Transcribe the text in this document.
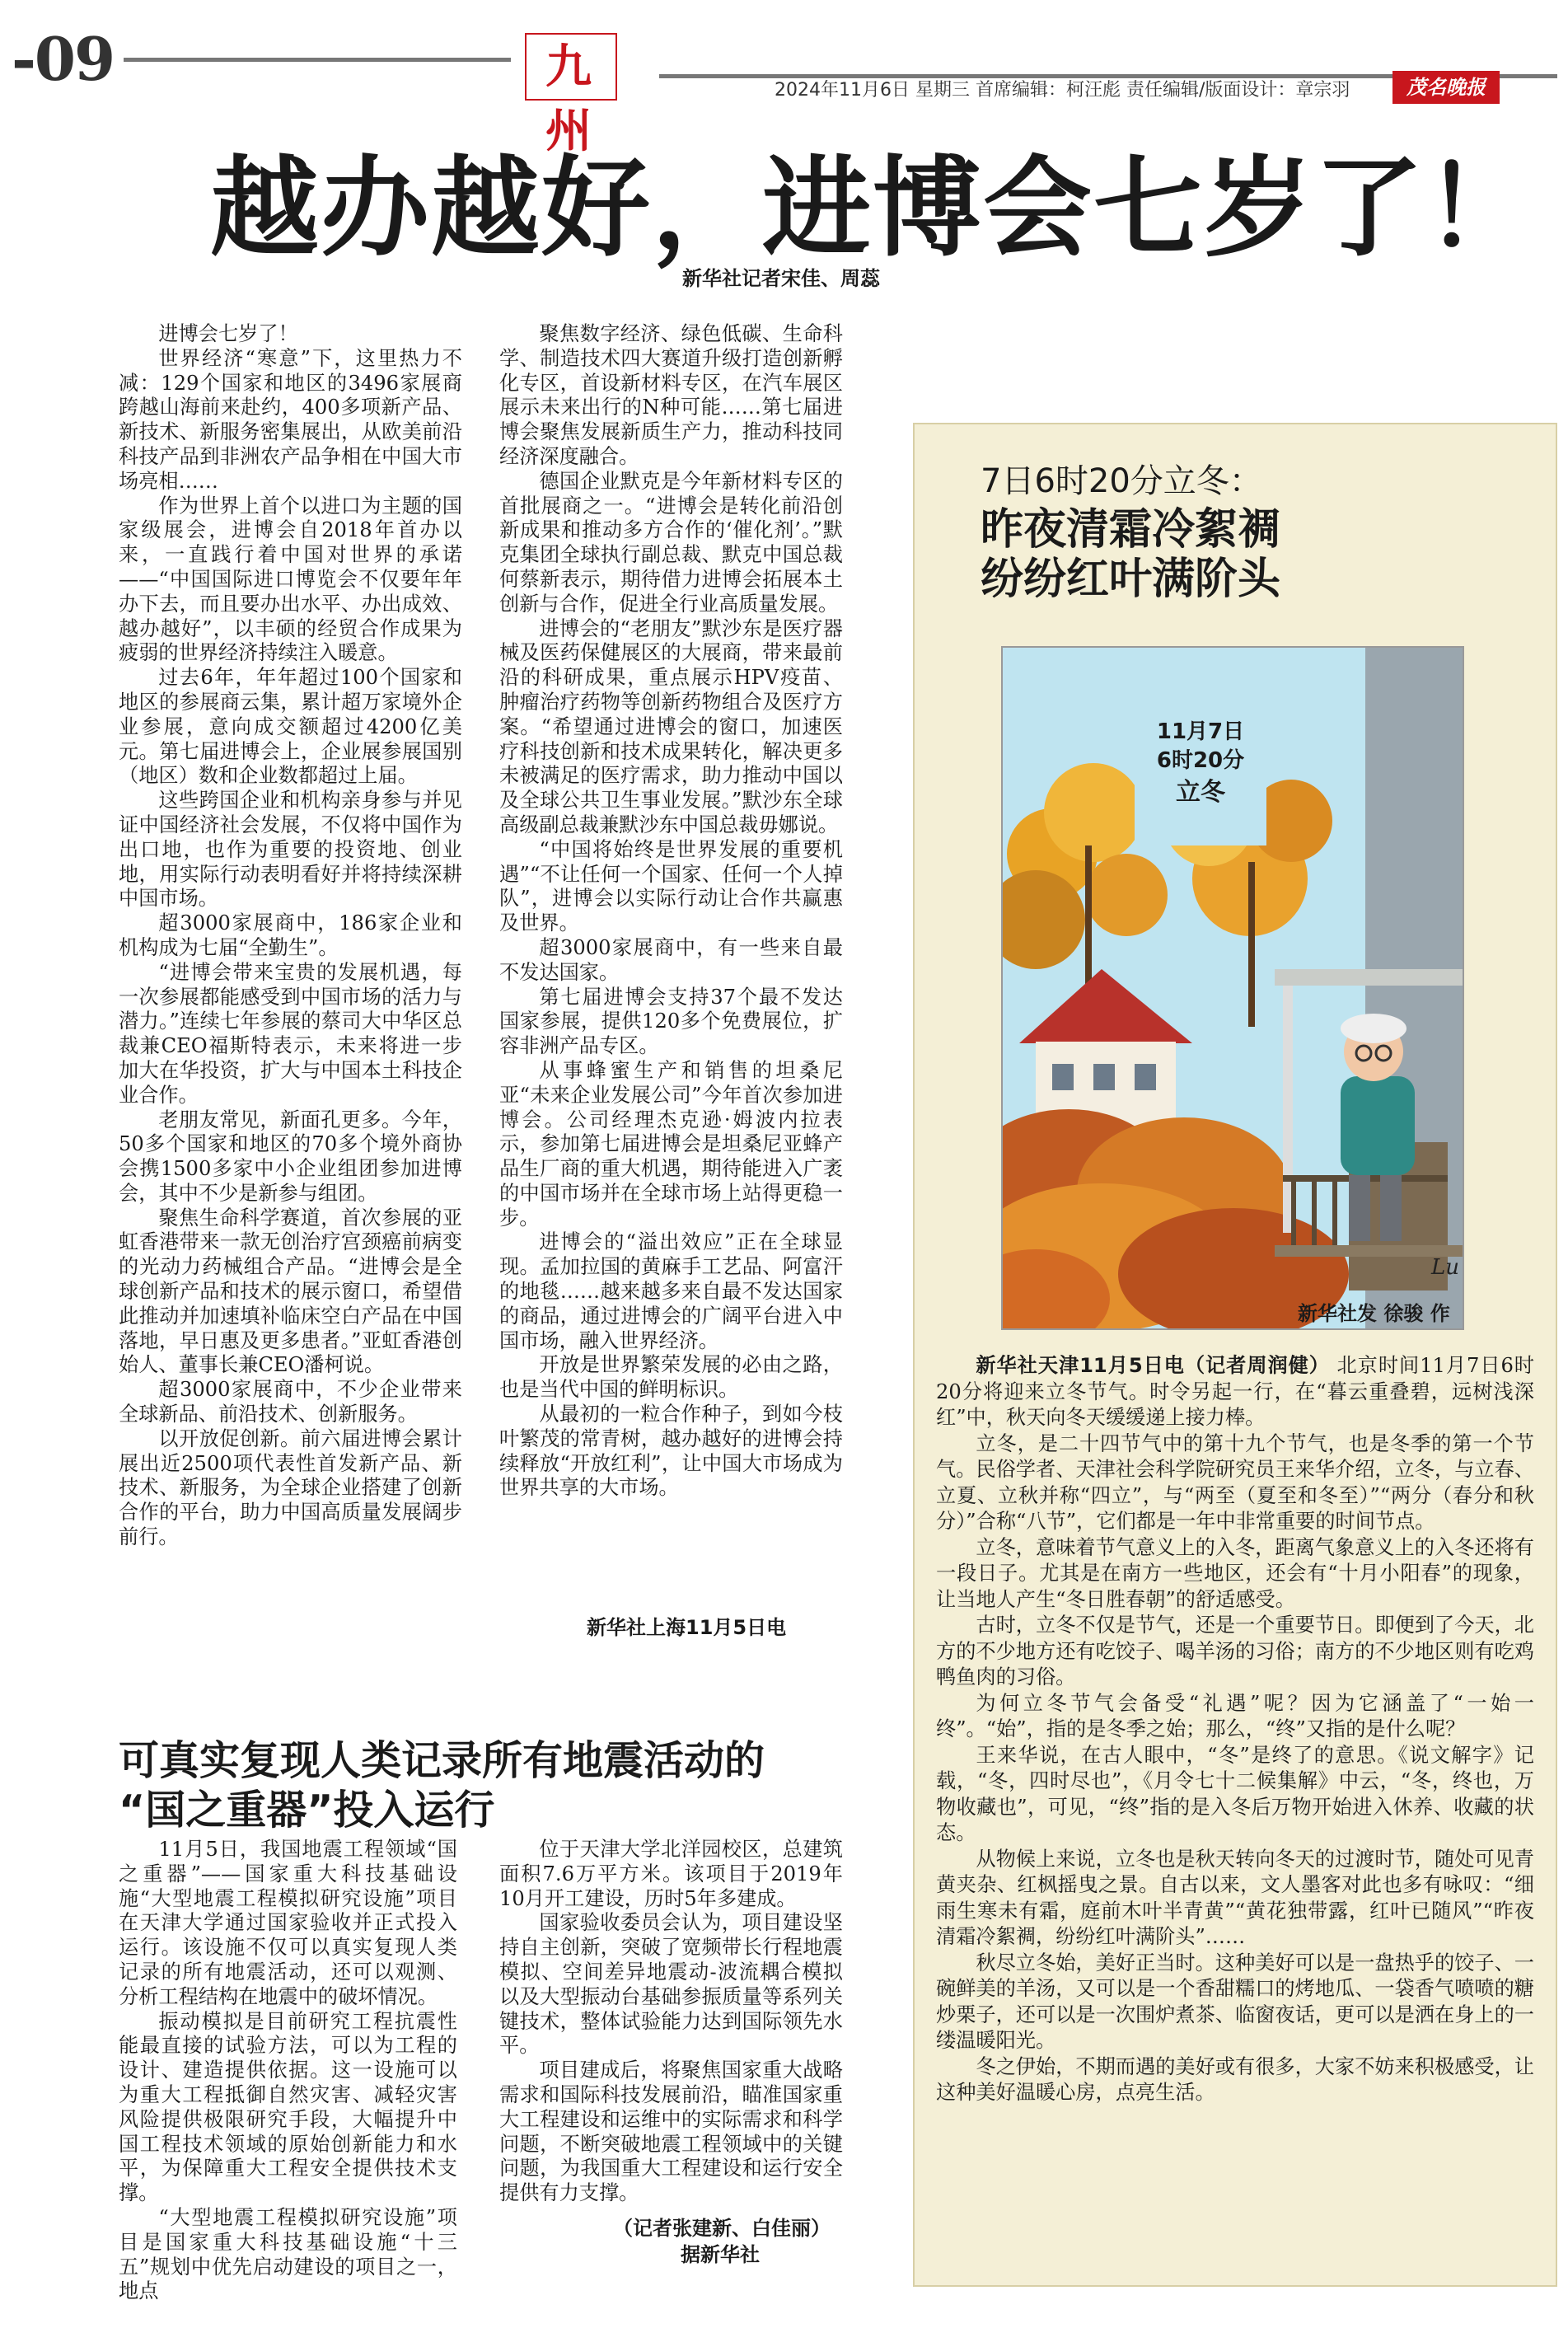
-09	九州
2024年11月6日 星期三 首席编辑：柯汪彪 责任编辑/版面设计：章宗羽	茂名晚报
越办越好，进博会七岁了！
新华社记者宋佳、周蕊

进博会七岁了！

世界经济“寒意”下，这里热力不减：129个国家和地区的3496家展商跨越山海前来赴约，400多项新产品、新技术、新服务密集展出，从欧美前沿科技产品到非洲农产品争相在中国大市场亮相……

作为世界上首个以进口为主题的国家级展会，进博会自2018年首办以来，一直践行着中国对世界的承诺——“中国国际进口博览会不仅要年年办下去，而且要办出水平、办出成效、越办越好”，以丰硕的经贸合作成果为疲弱的世界经济持续注入暖意。

过去6年，年年超过100个国家和地区的参展商云集，累计超万家境外企业参展，意向成交额超过4200亿美元。第七届进博会上，企业展参展国别（地区）数和企业数都超过上届。

这些跨国企业和机构亲身参与并见证中国经济社会发展，不仅将中国作为出口地，也作为重要的投资地、创业地，用实际行动表明看好并将持续深耕中国市场。

超3000家展商中，186家企业和机构成为七届“全勤生”。

“进博会带来宝贵的发展机遇，每一次参展都能感受到中国市场的活力与潜力。”连续七年参展的蔡司大中华区总裁兼CEO福斯特表示，未来将进一步加大在华投资，扩大与中国本土科技企业合作。

老朋友常见，新面孔更多。今年，50多个国家和地区的70多个境外商协会携1500多家中小企业组团参加进博会，其中不少是新参与组团。

聚焦生命科学赛道，首次参展的亚虹香港带来一款无创治疗宫颈癌前病变的光动力药械组合产品。“进博会是全球创新产品和技术的展示窗口，希望借此推动并加速填补临床空白产品在中国落地，早日惠及更多患者。”亚虹香港创始人、董事长兼CEO潘柯说。

超3000家展商中，不少企业带来全球新品、前沿技术、创新服务。

以开放促创新。前六届进博会累计展出近2500项代表性首发新产品、新技术、新服务，为全球企业搭建了创新合作的平台，助力中国高质量发展阔步前行。

聚焦数字经济、绿色低碳、生命科学、制造技术四大赛道升级打造创新孵化专区，首设新材料专区，在汽车展区展示未来出行的N种可能……第七届进博会聚焦发展新质生产力，推动科技同经济深度融合。

德国企业默克是今年新材料专区的首批展商之一。“进博会是转化前沿创新成果和推动多方合作的‘催化剂’。”默克集团全球执行副总裁、默克中国总裁何蔡新表示，期待借力进博会拓展本土创新与合作，促进全行业高质量发展。

进博会的“老朋友”默沙东是医疗器械及医药保健展区的大展商，带来最前沿的科研成果，重点展示HPV疫苗、肿瘤治疗药物等创新药物组合及医疗方案。“希望通过进博会的窗口，加速医疗科技创新和技术成果转化，解决更多未被满足的医疗需求，助力推动中国以及全球公共卫生事业发展。”默沙东全球高级副总裁兼默沙东中国总裁毋娜说。

“中国将始终是世界发展的重要机遇”“不让任何一个国家、任何一个人掉队”，进博会以实际行动让合作共赢惠及世界。

超3000家展商中，有一些来自最不发达国家。

第七届进博会支持37个最不发达国家参展，提供120多个免费展位，扩容非洲产品专区。

从事蜂蜜生产和销售的坦桑尼亚“未来企业发展公司”今年首次参加进博会。公司经理杰克逊·姆波内拉表示，参加第七届进博会是坦桑尼亚蜂产品生厂商的重大机遇，期待能进入广袤的中国市场并在全球市场上站得更稳一步。

进博会的“溢出效应”正在全球显现。孟加拉国的黄麻手工艺品、阿富汗的地毯……越来越多来自最不发达国家的商品，通过进博会的广阔平台进入中国市场，融入世界经济。

开放是世界繁荣发展的必由之路，也是当代中国的鲜明标识。

从最初的一粒合作种子，到如今枝叶繁茂的常青树，越办越好的进博会持续释放“开放红利”，让中国大市场成为世界共享的大市场。

新华社上海11月5日电
7日6时20分立冬：
昨夜清霜冷絮裯
纷纷红叶满阶头
11月7日
6时20分
立冬
Lu
新华社发 徐骏 作

新华社天津11月5日电（记者周润健） 北京时间11月7日6时20分将迎来立冬节气。时令另起一行，在“暮云重叠碧，远树浅深红”中，秋天向冬天缓缓递上接力棒。

立冬，是二十四节气中的第十九个节气，也是冬季的第一个节气。民俗学者、天津社会科学院研究员王来华介绍，立冬，与立春、立夏、立秋并称“四立”，与“两至（夏至和冬至）”“两分（春分和秋分）”合称“八节”，它们都是一年中非常重要的时间节点。

立冬，意味着节气意义上的入冬，距离气象意义上的入冬还将有一段日子。尤其是在南方一些地区，还会有“十月小阳春”的现象，让当地人产生“冬日胜春朝”的舒适感受。

古时，立冬不仅是节气，还是一个重要节日。即便到了今天，北方的不少地方还有吃饺子、喝羊汤的习俗；南方的不少地区则有吃鸡鸭鱼肉的习俗。

为何立冬节气会备受“礼遇”呢？因为它涵盖了“一始一终”。“始”，指的是冬季之始；那么，“终”又指的是什么呢？

王来华说，在古人眼中，“冬”是终了的意思。《说文解字》记载，“冬，四时尽也”，《月令七十二候集解》中云，“冬，终也，万物收藏也”，可见，“终”指的是入冬后万物开始进入休养、收藏的状态。

从物候上来说，立冬也是秋天转向冬天的过渡时节，随处可见青黄夹杂、红枫摇曳之景。自古以来，文人墨客对此也多有咏叹：“细雨生寒未有霜，庭前木叶半青黄”“黄花独带露，红叶已随风”“昨夜清霜冷絮裯，纷纷红叶满阶头”……

秋尽立冬始，美好正当时。这种美好可以是一盘热乎的饺子、一碗鲜美的羊汤，又可以是一个香甜糯口的烤地瓜、一袋香气喷喷的糖炒栗子，还可以是一次围炉煮茶、临窗夜话，更可以是洒在身上的一缕温暖阳光。

冬之伊始，不期而遇的美好或有很多，大家不妨来积极感受，让这种美好温暖心房，点亮生活。

可真实复现人类记录所有地震活动的
“国之重器”投入运行

11月5日，我国地震工程领域“国之重器”——国家重大科技基础设施“大型地震工程模拟研究设施”项目在天津大学通过国家验收并正式投入运行。该设施不仅可以真实复现人类记录的所有地震活动，还可以观测、分析工程结构在地震中的破坏情况。

振动模拟是目前研究工程抗震性能最直接的试验方法，可以为工程的设计、建造提供依据。这一设施可以为重大工程抵御自然灾害、减轻灾害风险提供极限研究手段，大幅提升中国工程技术领域的原始创新能力和水平，为保障重大工程安全提供技术支撑。

“大型地震工程模拟研究设施”项目是国家重大科技基础设施“十三五”规划中优先启动建设的项目之一，地点

位于天津大学北洋园校区，总建筑面积7.6万平方米。该项目于2019年10月开工建设，历时5年多建成。

国家验收委员会认为，项目建设坚持自主创新，突破了宽频带长行程地震模拟、空间差异地震动-波流耦合模拟以及大型振动台基础参振质量等系列关键技术，整体试验能力达到国际领先水平。

项目建成后，将聚焦国家重大战略需求和国际科技发展前沿，瞄准国家重大工程建设和运维中的实际需求和科学问题，不断突破地震工程领域中的关键问题，为我国重大工程建设和运行安全提供有力支撑。

（记者张建新、白佳丽）
据新华社
